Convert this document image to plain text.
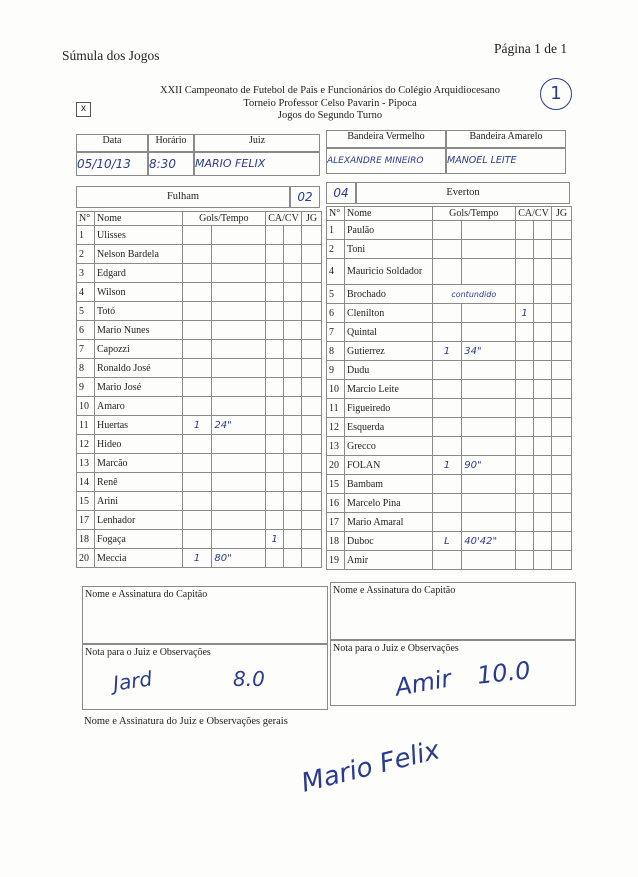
Súmula dos Jogos	Página 1 de 1
x
XXII Campeonato de Futebol de Pais e Funcionários do Colégio Arquidiocesano
Torneio Professor Celso Pavarin - Pipoca
Jogos do Segundo Turno
1
Data	Horário	Juiz	Bandeira Vermelho	Bandeira Amarelo
05/10/13	8:30	MARIO FELIX	ALEXANDRE MINEIRO	MANOEL LEITE
Fulham	02	04	Everton
N°	Nome	Gols/Tempo		CA/CV		JG
1	Ulisses					
2	Nelson Bardela					
3	Edgard					
4	Wilson					
5	Totó					
6	Mario Nunes					
7	Capozzi					
8	Ronaldo José					
9	Mario José					
10	Amaro					
11	Huertas	1	24"			
12	Hideo					
13	Marcão					
14	Renê					
15	Arini					
17	Lenhador					
18	Fogaça			1		
20	Meccia	1	80"			
N°	Nome	Gols/Tempo		CA/CV		JG
1	Paulão					
2	Toni					
4	Mauricio Soldador					
5	Brochado	contundido				
6	Clenilton			1		
7	Quintal					
8	Gutierrez	1	34"			
9	Dudu					
10	Marcio Leite					
11	Figueiredo					
12	Esquerda					
13	Grecco					
20	FOLAN	1	90"			
15	Bambam					
16	Marcelo Pina					
17	Mario Amaral					
18	Duboc	L	40'42"			
19	Amir					
Nome e Assinatura do Capitão	Nome e Assinatura do Capitão
Nota para o Juiz e Observações
Jard	8.0
Nota para o Juiz e Observações
Amir 10.0
Nome e Assinatura do Juiz e Observações gerais
Mario Felix
